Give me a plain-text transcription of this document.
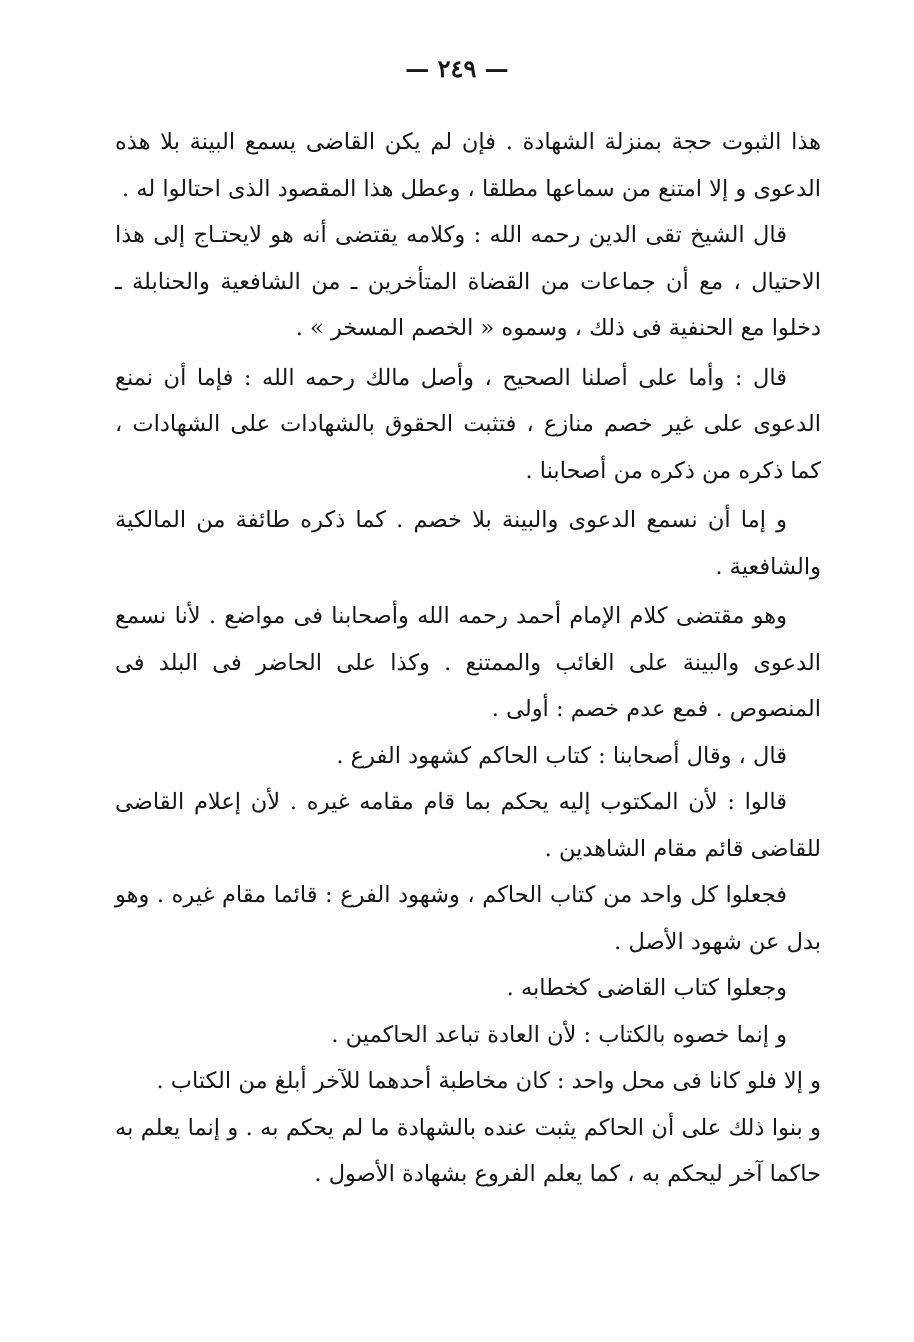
— ٢٤٩ —

هذا الثبوت حجة بمنزلة الشهادة . فإن لم يكن القاضى يسمع البينة بلا هذه الدعوى و إلا امتنع من سماعها مطلقا ، وعطل هذا المقصود الذى احتالوا له .

قال الشيخ تقى الدين رحمه الله : وكلامه يقتضى أنه هو لايحتـاج إلى هذا الاحتيال ، مع أن جماعات من القضاة المتأخرين ـ من الشافعية والحنابلة ـ دخلوا مع الحنفية فى ذلك ، وسموه « الخصم المسخر » .

قال : وأما على أصلنا الصحيح ، وأصل مالك رحمه الله : فإما أن نمنع الدعوى على غير خصم منازع ، فتثبت الحقوق بالشهادات على الشهادات ، كما ذكره من ذكره من أصحابنا .

و إما أن نسمع الدعوى والبينة بلا خصم . كما ذكره طائفة من المالكية والشافعية .

وهو مقتضى كلام الإمام أحمد رحمه الله وأصحابنا فى مواضع . لأنا نسمع الدعوى والبينة على الغائب والممتنع . وكذا على الحاضر فى البلد فى المنصوص . فمع عدم خصم : أولى .

قال ، وقال أصحابنا : كتاب الحاكم كشهود الفرع .

قالوا : لأن المكتوب إليه يحكم بما قام مقامه غيره . لأن إعلام القاضى للقاضى قائم مقام الشاهدين .

فجعلوا كل واحد من كتاب الحاكم ، وشهود الفرع : قائما مقام غيره . وهو بدل عن شهود الأصل .

وجعلوا كتاب القاضى كخطابه .

و إنما خصوه بالكتاب : لأن العادة تباعد الحاكمين .

و إلا فلو كانا فى محل واحد : كان مخاطبة أحدهما للآخر أبلغ من الكتاب .

و بنوا ذلك على أن الحاكم يثبت عنده بالشهادة ما لم يحكم به . و إنما يعلم به حاكما آخر ليحكم به ، كما يعلم الفروع بشهادة الأصول .
